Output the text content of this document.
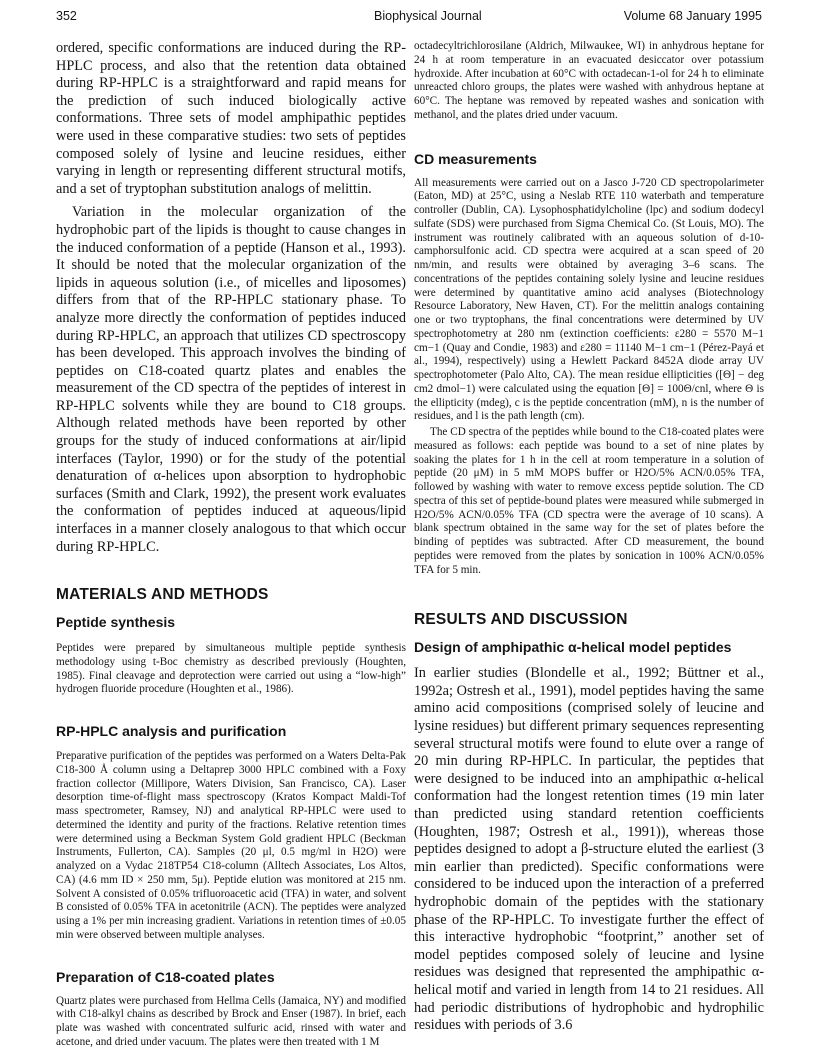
352	Biophysical Journal	Volume 68 January 1995

ordered, specific conformations are induced during the RP-HPLC process, and also that the retention data obtained during RP-HPLC is a straightforward and rapid means for the prediction of such induced biologically active conformations. Three sets of model amphipathic peptides were used in these comparative studies: two sets of peptides composed solely of lysine and leucine residues, either varying in length or representing different structural motifs, and a set of tryptophan substitution analogs of melittin.

Variation in the molecular organization of the hydrophobic part of the lipids is thought to cause changes in the induced conformation of a peptide (Hanson et al., 1993). It should be noted that the molecular organization of the lipids in aqueous solution (i.e., of micelles and liposomes) differs from that of the RP-HPLC stationary phase. To analyze more directly the conformation of peptides induced during RP-HPLC, an approach that utilizes CD spectroscopy has been developed. This approach involves the binding of peptides on C18-coated quartz plates and enables the measurement of the CD spectra of the peptides of interest in RP-HPLC solvents while they are bound to C18 groups. Although related methods have been reported by other groups for the study of induced conformations at air/lipid interfaces (Taylor, 1990) or for the study of the potential denaturation of α-helices upon absorption to hydrophobic surfaces (Smith and Clark, 1992), the present work evaluates the conformation of peptides induced at aqueous/lipid interfaces in a manner closely analogous to that which occur during RP-HPLC.

MATERIALS AND METHODS
Peptide synthesis

Peptides were prepared by simultaneous multiple peptide synthesis methodology using t-Boc chemistry as described previously (Houghten, 1985). Final cleavage and deprotection were carried out using a “low-high” hydrogen fluoride procedure (Houghten et al., 1986).

RP-HPLC analysis and purification

Preparative purification of the peptides was performed on a Waters Delta-Pak C18-300 Å column using a Deltaprep 3000 HPLC combined with a Foxy fraction collector (Millipore, Waters Division, San Francisco, CA). Laser desorption time-of-flight mass spectroscopy (Kratos Kompact Maldi-Tof mass spectrometer, Ramsey, NJ) and analytical RP-HPLC were used to determined the identity and purity of the fractions. Relative retention times were determined using a Beckman System Gold gradient HPLC (Beckman Instruments, Fullerton, CA). Samples (20 μl, 0.5 mg/ml in H2O) were analyzed on a Vydac 218TP54 C18-column (Alltech Associates, Los Altos, CA) (4.6 mm ID × 250 mm, 5μ). Peptide elution was monitored at 215 nm. Solvent A consisted of 0.05% trifluoroacetic acid (TFA) in water, and solvent B consisted of 0.05% TFA in acetonitrile (ACN). The peptides were analyzed using a 1% per min increasing gradient. Variations in retention times of ±0.05 min were observed between multiple analyses.

Preparation of C18-coated plates

Quartz plates were purchased from Hellma Cells (Jamaica, NY) and modified with C18-alkyl chains as described by Brock and Enser (1987). In brief, each plate was washed with concentrated sulfuric acid, rinsed with water and acetone, and dried under vacuum. The plates were then treated with 1 M

octadecyltrichlorosilane (Aldrich, Milwaukee, WI) in anhydrous heptane for 24 h at room temperature in an evacuated desiccator over potassium hydroxide. After incubation at 60°C with octadecan-1-ol for 24 h to eliminate unreacted chloro groups, the plates were washed with anhydrous heptane at 60°C. The heptane was removed by repeated washes and sonication with methanol, and the plates dried under vacuum.

CD measurements

All measurements were carried out on a Jasco J-720 CD spectropolarimeter (Eaton, MD) at 25°C, using a Neslab RTE 110 waterbath and temperature controller (Dublin, CA). Lysophosphatidylcholine (lpc) and sodium dodecyl sulfate (SDS) were purchased from Sigma Chemical Co. (St Louis, MO). The instrument was routinely calibrated with an aqueous solution of d-10-camphorsulfonic acid. CD spectra were acquired at a scan speed of 20 nm/min, and results were obtained by averaging 3–6 scans. The concentrations of the peptides containing solely lysine and leucine residues were determined by quantitative amino acid analyses (Biotechnology Resource Laboratory, New Haven, CT). For the melittin analogs containing one or two tryptophans, the final concentrations were determined by UV spectrophotometry at 280 nm (extinction coefficients: ε280 = 5570 M−1 cm−1 (Quay and Condie, 1983) and ε280 = 11140 M−1 cm−1 (Pérez-Payá et al., 1994), respectively) using a Hewlett Packard 8452A diode array UV spectrophotometer (Palo Alto, CA). The mean residue ellipticities ([Θ] − deg cm2 dmol−1) were calculated using the equation [Θ] = 100Θ/cnl, where Θ is the ellipticity (mdeg), c is the peptide concentration (mM), n is the number of residues, and l is the path length (cm).

The CD spectra of the peptides while bound to the C18-coated plates were measured as follows: each peptide was bound to a set of nine plates by soaking the plates for 1 h in the cell at room temperature in a solution of peptide (20 μM) in 5 mM MOPS buffer or H2O/5% ACN/0.05% TFA, followed by washing with water to remove excess peptide solution. The CD spectra of this set of peptide-bound plates were measured while submerged in H2O/5% ACN/0.05% TFA (CD spectra were the average of 10 scans). A blank spectrum obtained in the same way for the set of plates before the binding of peptides was subtracted. After CD measurement, the bound peptides were removed from the plates by sonication in 100% ACN/0.05% TFA for 5 min.

RESULTS AND DISCUSSION
Design of amphipathic α-helical model peptides

In earlier studies (Blondelle et al., 1992; Büttner et al., 1992a; Ostresh et al., 1991), model peptides having the same amino acid compositions (comprised solely of leucine and lysine residues) but different primary sequences representing several structural motifs were found to elute over a range of 20 min during RP-HPLC. In particular, the peptides that were designed to be induced into an amphipathic α-helical conformation had the longest retention times (19 min later than predicted using standard retention coefficients (Houghten, 1987; Ostresh et al., 1991)), whereas those peptides designed to adopt a β-structure eluted the earliest (3 min earlier than predicted). Specific conformations were considered to be induced upon the interaction of a preferred hydrophobic domain of the peptides with the stationary phase of the RP-HPLC. To investigate further the effect of this interactive hydrophobic “footprint,” another set of model peptides composed solely of leucine and lysine residues was designed that represented the amphipathic α-helical motif and varied in length from 14 to 21 residues. All had periodic distributions of hydrophobic and hydrophilic residues with periods of 3.6
